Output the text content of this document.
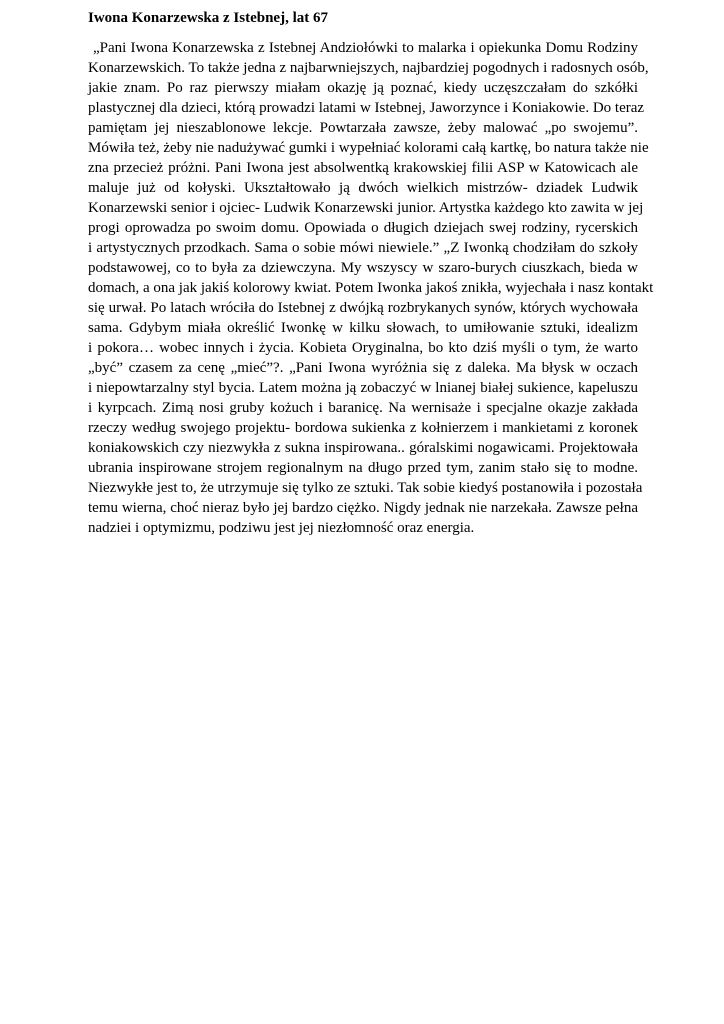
Iwona Konarzewska z Istebnej, lat 67
„Pani Iwona Konarzewska z Istebnej Andziołówki to malarka i opiekunka Domu Rodziny
Konarzewskich. To także jedna z najbarwniejszych, najbardziej pogodnych i radosnych osób,
jakie znam. Po raz pierwszy miałam okazję ją poznać, kiedy uczęszczałam do szkółki
plastycznej dla dzieci, którą prowadzi latami w Istebnej, Jaworzynce i Koniakowie. Do teraz
pamiętam jej nieszablonowe lekcje. Powtarzała zawsze, żeby malować „po swojemu”.
Mówiła też, żeby nie nadużywać gumki i wypełniać kolorami całą kartkę, bo natura także nie
zna przecież próżni. Pani Iwona jest absolwentką krakowskiej filii ASP w Katowicach ale
maluje już od kołyski. Ukształtowało ją dwóch wielkich mistrzów- dziadek Ludwik
Konarzewski senior i ojciec- Ludwik Konarzewski junior. Artystka każdego kto zawita w jej
progi oprowadza po swoim domu. Opowiada o długich dziejach swej rodziny, rycerskich
i artystycznych przodkach. Sama o sobie mówi niewiele.” „Z Iwonką chodziłam do szkoły
podstawowej, co to była za dziewczyna. My wszyscy w szaro-burych ciuszkach, bieda w
domach, a ona jak jakiś kolorowy kwiat. Potem Iwonka jakoś znikła, wyjechała i nasz kontakt
się urwał. Po latach wróciła do Istebnej z dwójką rozbrykanych synów, których wychowała
sama. Gdybym miała określić Iwonkę w kilku słowach, to umiłowanie sztuki, idealizm
i pokora… wobec innych i życia. Kobieta Oryginalna, bo kto dziś myśli o tym, że warto
„być” czasem za cenę „mieć”?. „Pani Iwona wyróżnia się z daleka. Ma błysk w oczach
i niepowtarzalny styl bycia. Latem można ją zobaczyć w lnianej białej sukience, kapeluszu
i kyrpcach. Zimą nosi gruby kożuch i baranicę. Na wernisaże i specjalne okazje zakłada
rzeczy według swojego projektu- bordowa sukienka z kołnierzem i mankietami z koronek
koniakowskich czy niezwykła z sukna inspirowana.. góralskimi nogawicami. Projektowała
ubrania inspirowane strojem regionalnym na długo przed tym, zanim stało się to modne.
Niezwykłe jest to, że utrzymuje się tylko ze sztuki. Tak sobie kiedyś postanowiła i pozostała
temu wierna, choć nieraz było jej bardzo ciężko. Nigdy jednak nie narzekała. Zawsze pełna
nadziei i optymizmu, podziwu jest jej niezłomność oraz energia.
